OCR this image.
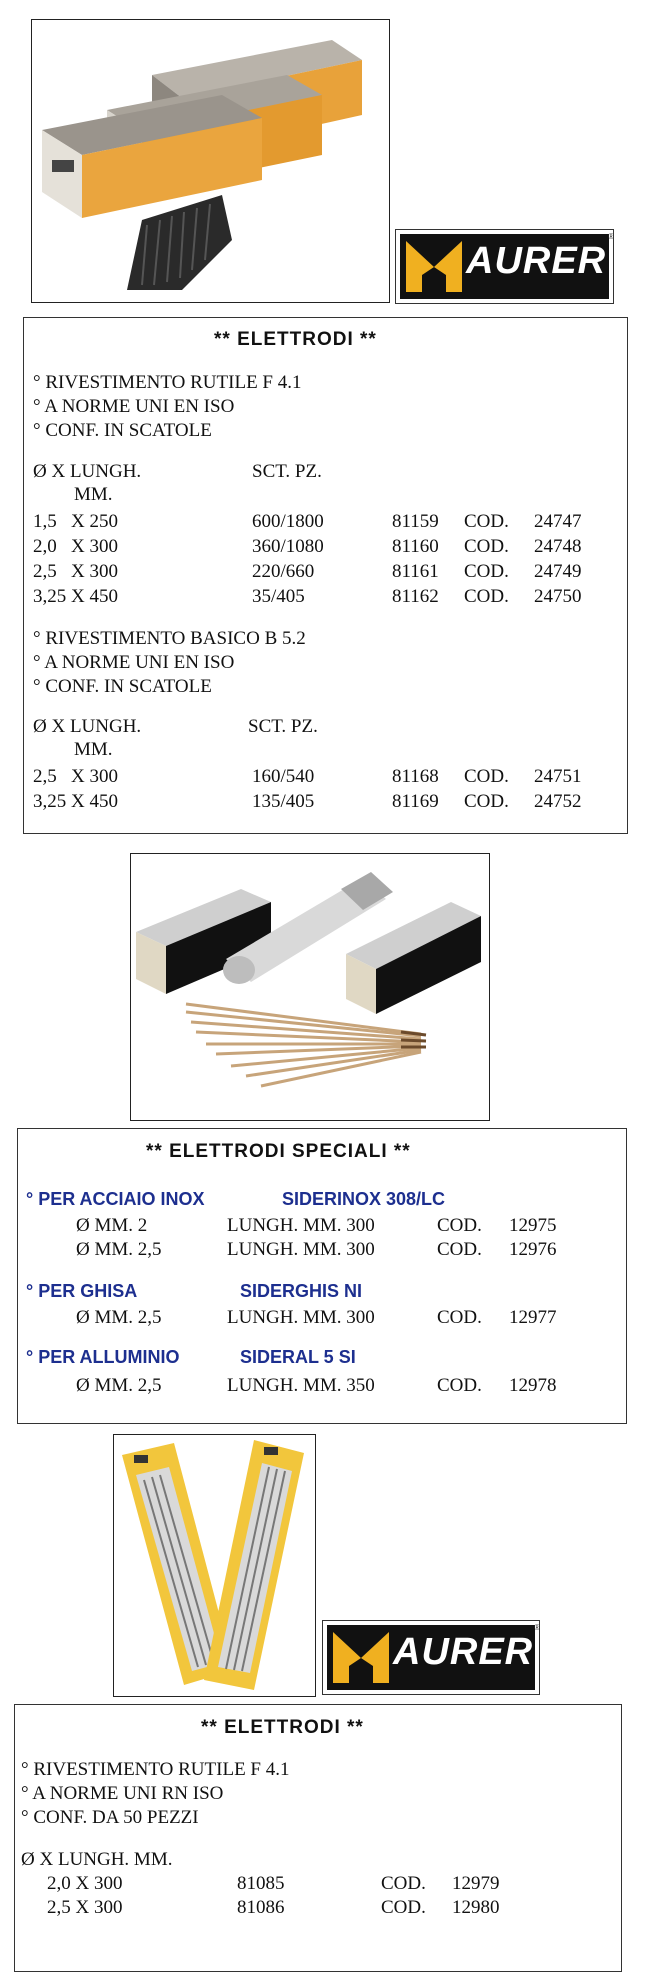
AURER
®
** ELETTRODI **
° RIVESTIMENTO RUTILE F 4.1
° A NORME UNI EN ISO
° CONF. IN SCATOLE
Ø X LUNGH.
MM.
SCT. PZ.
1,5   X 250	600/1800	81159 COD. 24747
2,0   X 300	360/1080	81160 COD. 24748
2,5   X 300	220/660	81161 COD. 24749
3,25 X 450	35/405	81162 COD. 24750
° RIVESTIMENTO BASICO B 5.2
° A NORME UNI EN ISO
° CONF. IN SCATOLE
Ø X LUNGH.
MM.
SCT. PZ.
2,5   X 300	160/540	81168 COD. 24751
3,25 X 450	135/405	81169 COD. 24752
** ELETTRODI SPECIALI **
° PER ACCIAIO INOX	SIDERINOX 308/LC
Ø MM. 2	LUNGH. MM. 300	COD. 12975
Ø MM. 2,5	LUNGH. MM. 300	COD. 12976
° PER GHISA	SIDERGHIS NI
Ø MM. 2,5	LUNGH. MM. 300	COD. 12977
° PER ALLUMINIO	SIDERAL 5 SI
Ø MM. 2,5	LUNGH. MM. 350	COD. 12978
AURER
®
** ELETTRODI **
° RIVESTIMENTO RUTILE F 4.1
° A NORME UNI RN ISO
° CONF. DA 50 PEZZI
Ø X LUNGH. MM.
2,0 X 300	81085	COD. 12979
2,5 X 300	81086	COD. 12980
